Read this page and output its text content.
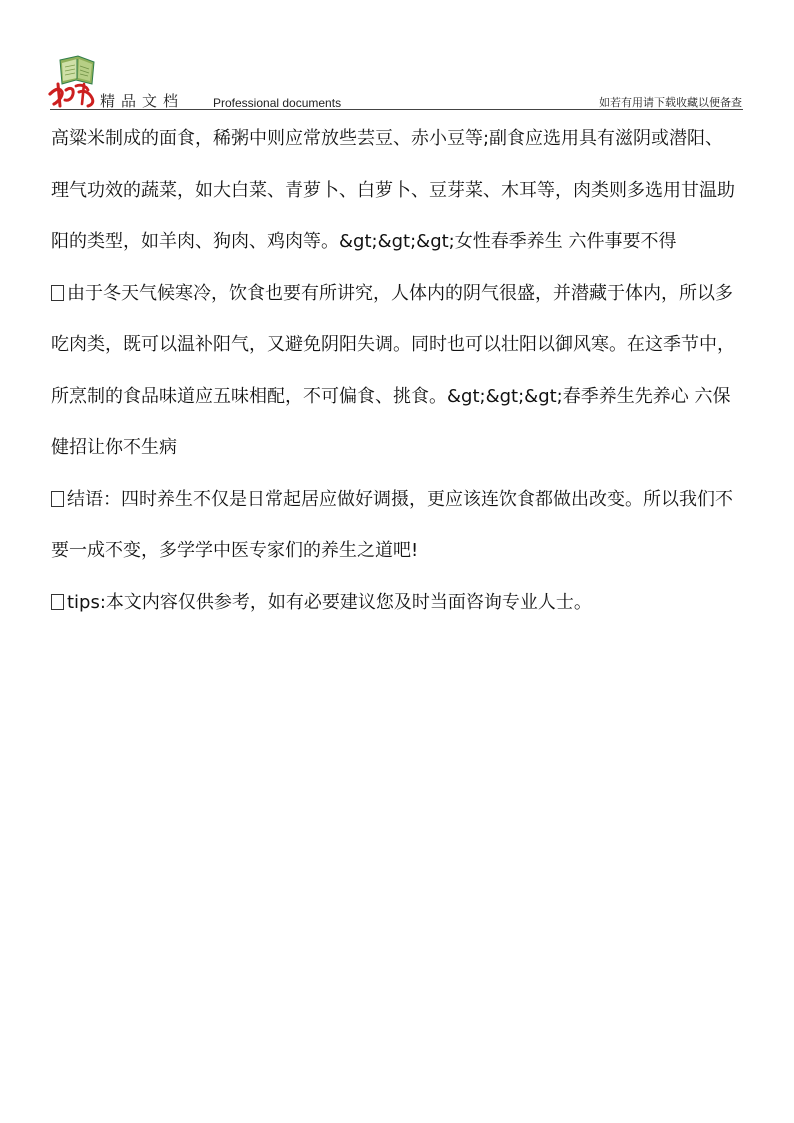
精品文档 Professional documents	如若有用请下载收藏以便备查
高粱米制成的面食，稀粥中则应常放些芸豆、赤小豆等;副食应选用具有滋阴或潜阳、
理气功效的蔬菜，如大白菜、青萝卜、白萝卜、豆芽菜、木耳等，肉类则多选用甘温助
阳的类型，如羊肉、狗肉、鸡肉等。&gt;&gt;&gt;女性春季养生 六件事要不得
由于冬天气候寒冷，饮食也要有所讲究，人体内的阴气很盛，并潜藏于体内，所以多
吃肉类，既可以温补阳气，又避免阴阳失调。同时也可以壮阳以御风寒。在这季节中，
所烹制的食品味道应五味相配，不可偏食、挑食。&gt;&gt;&gt;春季养生先养心 六保
健招让你不生病
结语：四时养生不仅是日常起居应做好调摄，更应该连饮食都做出改变。所以我们不
要一成不变，多学学中医专家们的养生之道吧!
tips:本文内容仅供参考，如有必要建议您及时当面咨询专业人士。
